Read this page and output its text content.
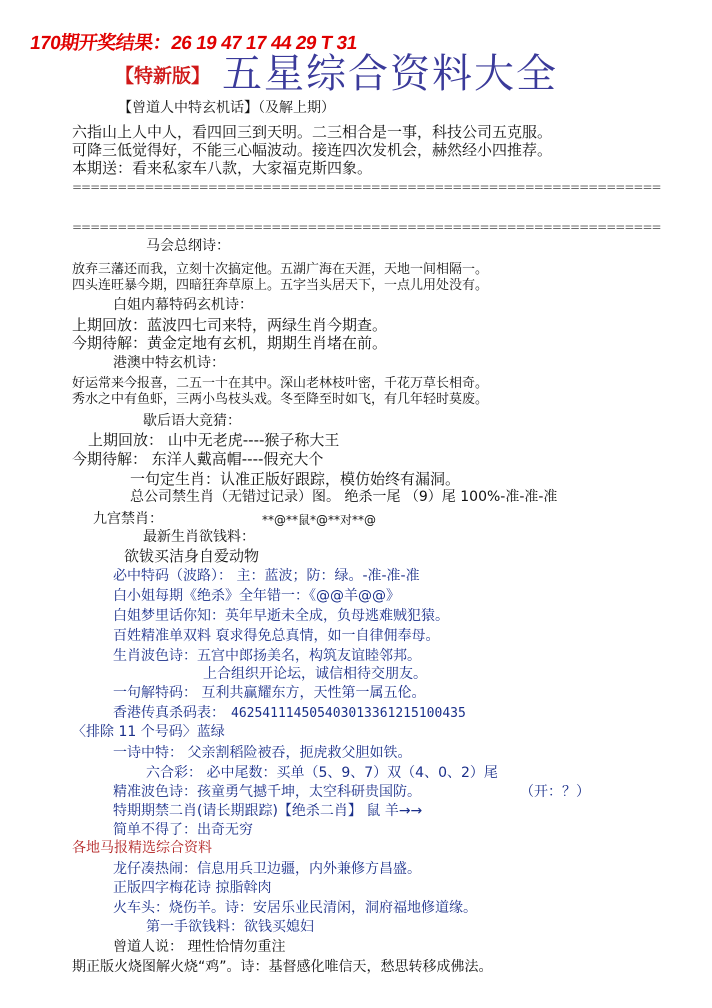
170期开奖结果：26 19 47 17 44 29 T 31
【特新版】 五星综合资料大全
【曾道人中特玄机话】（及解上期）
六指山上人中人，看四回三到天明。二三相合是一事，科技公司五克服。
可降三低觉得好，不能三心幅波动。接连四次发机会，赫然经小四推荐。
本期送：看来私家车八款，大家福克斯四象。
=================================================================
=================================================================
马会总纲诗：
放弃三藩还而我，立刻十次搞定他。五湖广海在天涯，天地一间相隔一。
四头连旺暴今期，四暗狂奔草原上。五字当头居天下，一点儿用处没有。
白姐内幕特码玄机诗：
上期回放：蓝波四七司来特，两绿生肖今期查。
今期待解：黄金定地有玄机，期期生肖堵在前。
港澳中特玄机诗：
好运常来今报喜，二五一十在其中。深山老林枝叶密，千花万草长相奇。
秀水之中有鱼虾，三两小鸟枝头戏。冬至降至时如飞，有几年轻时莫废。
歇后语大竞猜：
上期回放： 山中无老虎----猴子称大王
今期待解： 东洋人戴高帽----假充大个
一句定生肖：认准正版好跟踪，模仿始终有漏洞。
总公司禁生肖（无错过记录）图。 绝杀一尾 （9）尾 100%-准-准-准
九宫禁肖：	**@**鼠*@**对**@
最新生肖欲钱料：
欲钹买洁身自爱动物
必中特码（波路）： 主：蓝波；防：绿。-准-准-准
白小姐每期《绝杀》全年错一：《@@羊@@》
白姐梦里话你知：英年早逝未全成，负母逃难贼犯猿。
百姓精准单双料 裒求得免总真情，如一自律佣奉母。
生肖波色诗：五宫中郎扬美名，构筑友谊睦邻邦。
上合组织开论坛，诚信相待交朋友。
一句解特码： 互利共赢耀东方，天性第一属五伦。
香港传真杀码表： 46254111450540301336121510​0435
〈排除 11 个号码〉蓝绿
一诗中特： 父亲割稻险被吞，扼虎救父胆如铁。
六合彩： 必中尾数：买单（5、9、7）双（4、0、2）尾
精准波色诗：孩童勇气撼千坤，太空科研贵国防。	（开：？）
特期期禁二肖(请长期跟踪)【绝杀二肖】 鼠 羊→→
简单不得了：出奇无穷
各地马报精选综合资料
龙仔凑热闹：信息用兵卫边疆，内外兼修方昌盛。
正版四字梅花诗 掠脂斡肉
火车头：烧伤羊。诗：安居乐业民清闲，洞府福地修道缘。
第一手欲钱料：欲钱买媳妇
曾道人说： 理性恰情勿重注
期正版火烧图解火烧“鸡”。诗：基督感化唯信天，愁思转移成佛法。
